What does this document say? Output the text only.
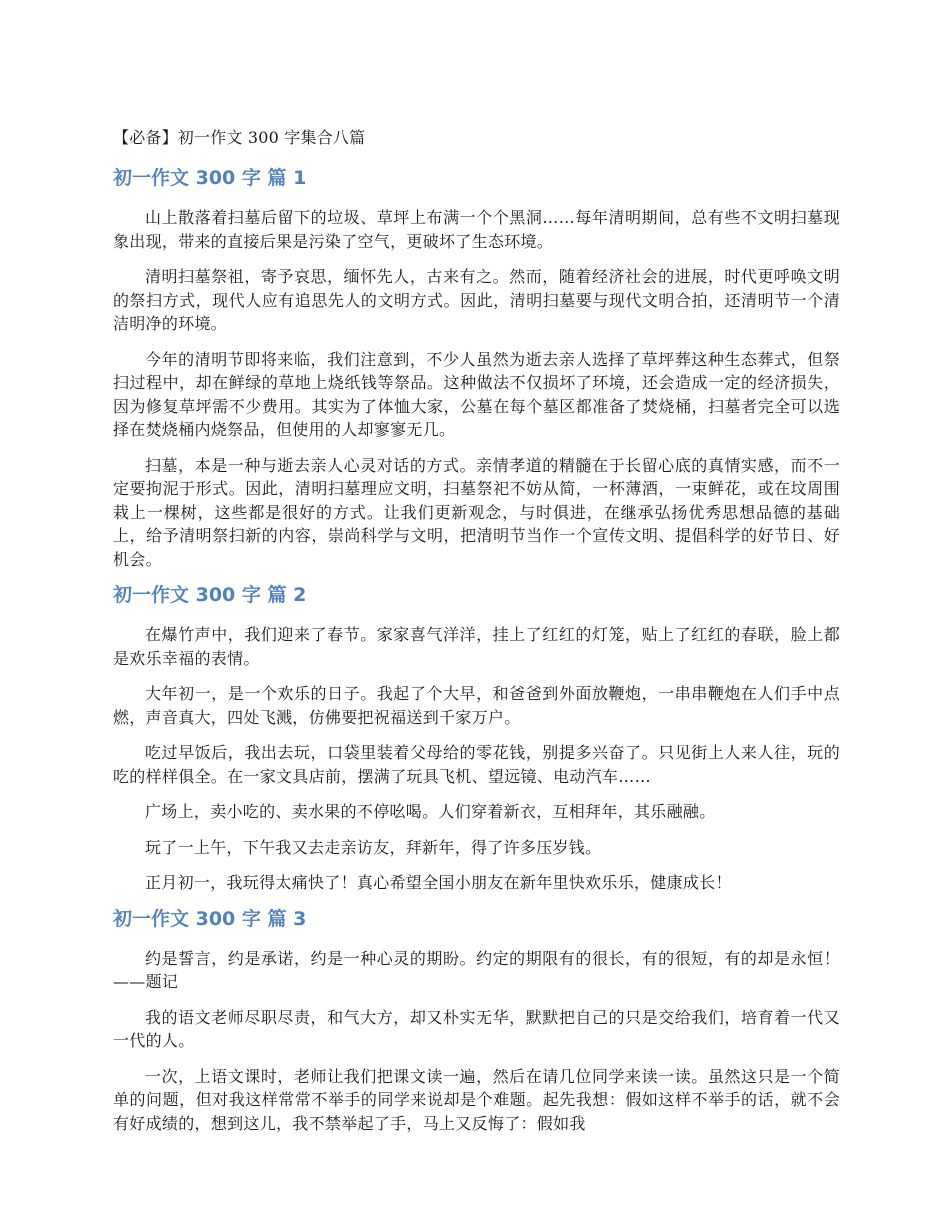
【必备】初一作文 300 字集合八篇
初一作文 300 字 篇 1

山上散落着扫墓后留下的垃圾、草坪上布满一个个黑洞……每年清明期间，总有些不文明扫墓现象出现，带来的直接后果是污染了空气，更破坏了生态环境。

清明扫墓祭祖，寄予哀思，缅怀先人，古来有之。然而，随着经济社会的进展，时代更呼唤文明的祭扫方式，现代人应有追思先人的文明方式。因此，清明扫墓要与现代文明合拍，还清明节一个清洁明净的环境。

今年的清明节即将来临，我们注意到，不少人虽然为逝去亲人选择了草坪葬这种生态葬式，但祭扫过程中，却在鲜绿的草地上烧纸钱等祭品。这种做法不仅损坏了环境，还会造成一定的经济损失，因为修复草坪需不少费用。其实为了体恤大家，公墓在每个墓区都准备了焚烧桶，扫墓者完全可以选择在焚烧桶内烧祭品，但使用的人却寥寥无几。

扫墓，本是一种与逝去亲人心灵对话的方式。亲情孝道的精髓在于长留心底的真情实感，而不一定要拘泥于形式。因此，清明扫墓理应文明，扫墓祭祀不妨从简，一杯薄酒，一束鲜花，或在坟周围栽上一棵树，这些都是很好的方式。让我们更新观念，与时俱进，在继承弘扬优秀思想品德的基础上，给予清明祭扫新的内容，崇尚科学与文明，把清明节当作一个宣传文明、提倡科学的好节日、好机会。

初一作文 300 字 篇 2

在爆竹声中，我们迎来了春节。家家喜气洋洋，挂上了红红的灯笼，贴上了红红的春联，脸上都是欢乐幸福的表情。

大年初一，是一个欢乐的日子。我起了个大早，和爸爸到外面放鞭炮，一串串鞭炮在人们手中点燃，声音真大，四处飞溅，仿佛要把祝福送到千家万户。

吃过早饭后，我出去玩，口袋里装着父母给的零花钱，别提多兴奋了。只见街上人来人往，玩的吃的样样俱全。在一家文具店前，摆满了玩具飞机、望远镜、电动汽车……

广场上，卖小吃的、卖水果的不停吆喝。人们穿着新衣，互相拜年，其乐融融。

玩了一上午，下午我又去走亲访友，拜新年，得了许多压岁钱。

正月初一，我玩得太痛快了！真心希望全国小朋友在新年里快欢乐乐，健康成长！

初一作文 300 字 篇 3

约是誓言，约是承诺，约是一种心灵的期盼。约定的期限有的很长，有的很短，有的却是永恒！——题记

我的语文老师尽职尽责，和气大方，却又朴实无华，默默把自己的只是交给我们，培育着一代又一代的人。

一次，上语文课时，老师让我们把课文读一遍，然后在请几位同学来读一读。虽然这只是一个简单的问题，但对我这样常常不举手的同学来说却是个难题。起先我想：假如这样不举手的话，就不会有好成绩的，想到这儿，我不禁举起了手，马上又反悔了：假如我
